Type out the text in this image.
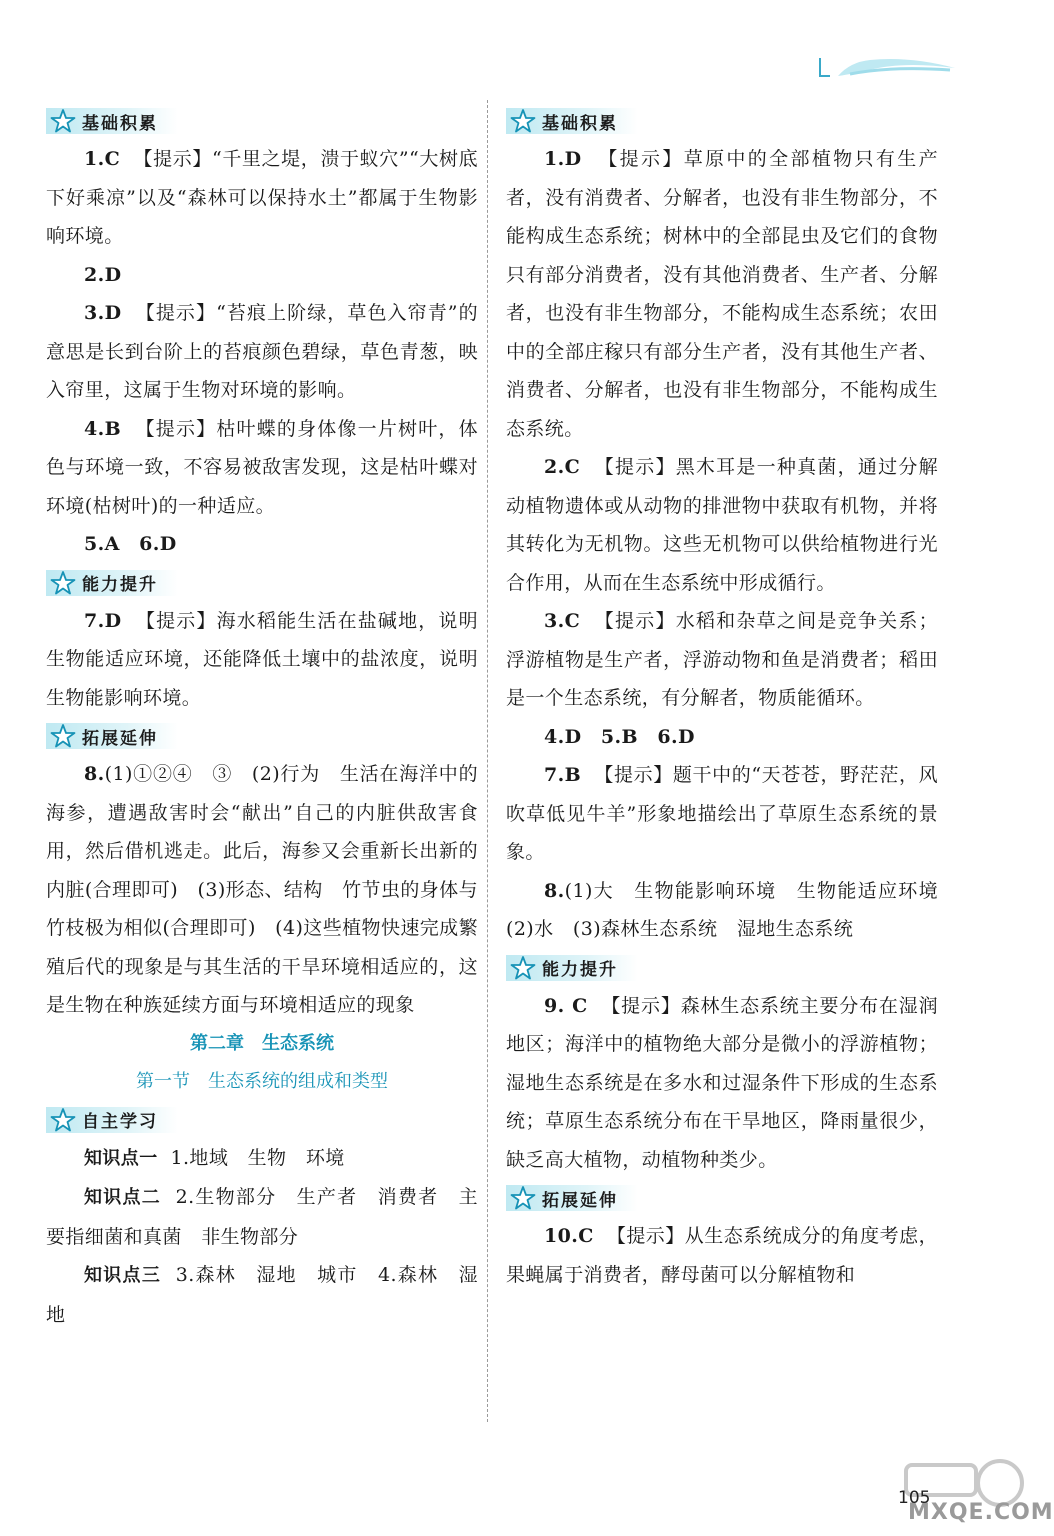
基础积累

1.C 【提示】“千里之堤，溃于蚁穴”“大树底下好乘凉”以及“森林可以保持水土”都属于生物影响环境。

2.D

3.D 【提示】“苔痕上阶绿，草色入帘青”的意思是长到台阶上的苔痕颜色碧绿，草色青葱，映入帘里，这属于生物对环境的影响。

4.B 【提示】枯叶蝶的身体像一片树叶，体色与环境一致，不容易被敌害发现，这是枯叶蝶对环境(枯树叶)的一种适应。

5.A　6.D

能力提升

7.D 【提示】海水稻能生活在盐碱地，说明生物能适应环境，还能降低土壤中的盐浓度，说明生物能影响环境。

拓展延伸

8.(1)①②④　③　(2)行为　生活在海洋中的海参，遭遇敌害时会“献出”自己的内脏供敌害食用，然后借机逃走。此后，海参又会重新长出新的内脏(合理即可)　(3)形态、结构　竹节虫的身体与竹枝极为相似(合理即可)　(4)这些植物快速完成繁殖后代的现象是与其生活的干旱环境相适应的，这是生物在种族延续方面与环境相适应的现象

第二章　生态系统
第一节　生态系统的组成和类型
自主学习

知识点一 1.地域　生物　环境

知识点二 2.生物部分　生产者　消费者　主要指细菌和真菌　非生物部分

知识点三 3.森林　湿地　城市　4.森林　湿地

基础积累

1.D 【提示】草原中的全部植物只有生产者，没有消费者、分解者，也没有非生物部分，不能构成生态系统；树林中的全部昆虫及它们的食物只有部分消费者，没有其他消费者、生产者、分解者，也没有非生物部分，不能构成生态系统；农田中的全部庄稼只有部分生产者，没有其他生产者、消费者、分解者，也没有非生物部分，不能构成生态系统。

2.C 【提示】黑木耳是一种真菌，通过分解动植物遗体或从动物的排泄物中获取有机物，并将其转化为无机物。这些无机物可以供给植物进行光合作用，从而在生态系统中形成循行。

3.C 【提示】水稻和杂草之间是竞争关系；浮游植物是生产者，浮游动物和鱼是消费者；稻田是一个生态系统，有分解者，物质能循环。

4.D　5.B　6.D

7.B 【提示】题干中的“天苍苍，野茫茫，风吹草低见牛羊”形象地描绘出了草原生态系统的景象。

8.(1)大　生物能影响环境　生物能适应环境　(2)水　(3)森林生态系统　湿地生态系统

能力提升

9. C 【提示】森林生态系统主要分布在湿润地区；海洋中的植物绝大部分是微小的浮游植物；湿地生态系统是在多水和过湿条件下形成的生态系统；草原生态系统分布在干旱地区，降雨量很少，缺乏高大植物，动植物种类少。

拓展延伸

10.C 【提示】从生态系统成分的角度考虑，果蝇属于消费者，酵母菌可以分解植物和

MXQE.COM
105
